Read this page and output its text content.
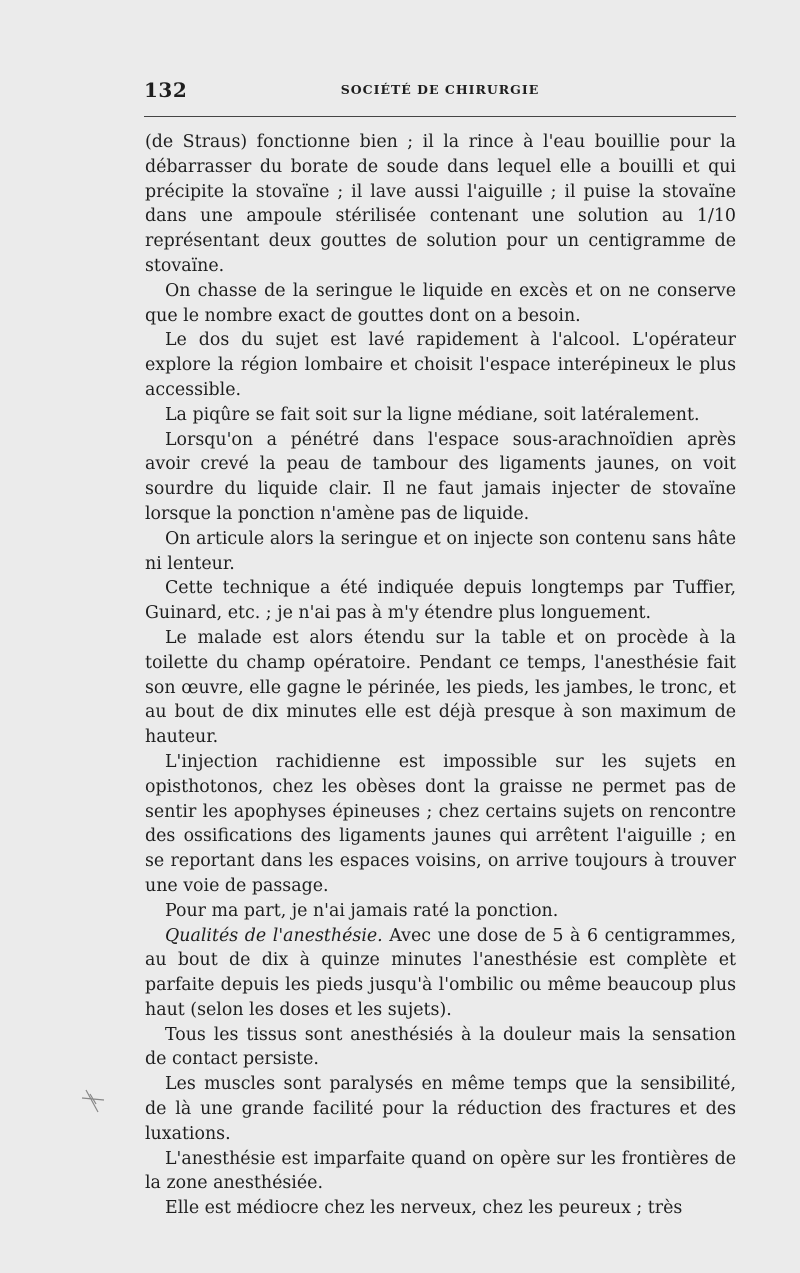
132	SOCIÉTÉ DE CHIRURGIE

(de Straus) fonctionne bien ; il la rince à l'eau bouillie pour la débarrasser du borate de soude dans lequel elle a bouilli et qui précipite la stovaïne ; il lave aussi l'aiguille ; il puise la stovaïne dans une ampoule stérilisée contenant une solution au 1/10 représentant deux gouttes de solution pour un centigramme de stovaïne.

On chasse de la seringue le liquide en excès et on ne conserve que le nombre exact de gouttes dont on a besoin.

Le dos du sujet est lavé rapidement à l'alcool. L'opérateur explore la région lombaire et choisit l'espace interépineux le plus accessible.

La piqûre se fait soit sur la ligne médiane, soit latéralement.

Lorsqu'on a pénétré dans l'espace sous-arachnoïdien après avoir crevé la peau de tambour des ligaments jaunes, on voit sourdre du liquide clair. Il ne faut jamais injecter de stovaïne lorsque la ponction n'amène pas de liquide.

On articule alors la seringue et on injecte son contenu sans hâte ni lenteur.

Cette technique a été indiquée depuis longtemps par Tuffier, Guinard, etc. ; je n'ai pas à m'y étendre plus longuement.

Le malade est alors étendu sur la table et on procède à la toilette du champ opératoire. Pendant ce temps, l'anesthésie fait son œuvre, elle gagne le périnée, les pieds, les jambes, le tronc, et au bout de dix minutes elle est déjà presque à son maximum de hauteur.

L'injection rachidienne est impossible sur les sujets en opisthotonos, chez les obèses dont la graisse ne permet pas de sentir les apophyses épineuses ; chez certains sujets on rencontre des ossifications des ligaments jaunes qui arrêtent l'aiguille ; en se reportant dans les espaces voisins, on arrive toujours à trouver une voie de passage.

Pour ma part, je n'ai jamais raté la ponction.

Qualités de l'anesthésie. Avec une dose de 5 à 6 centigrammes, au bout de dix à quinze minutes l'anesthésie est complète et parfaite depuis les pieds jusqu'à l'ombilic ou même beaucoup plus haut (selon les doses et les sujets).

Tous les tissus sont anesthésiés à la douleur mais la sensation de contact persiste.

Les muscles sont paralysés en même temps que la sensibilité, de là une grande facilité pour la réduction des fractures et des luxations.

L'anesthésie est imparfaite quand on opère sur les frontières de la zone anesthésiée.

Elle est médiocre chez les nerveux, chez les peureux ; très
